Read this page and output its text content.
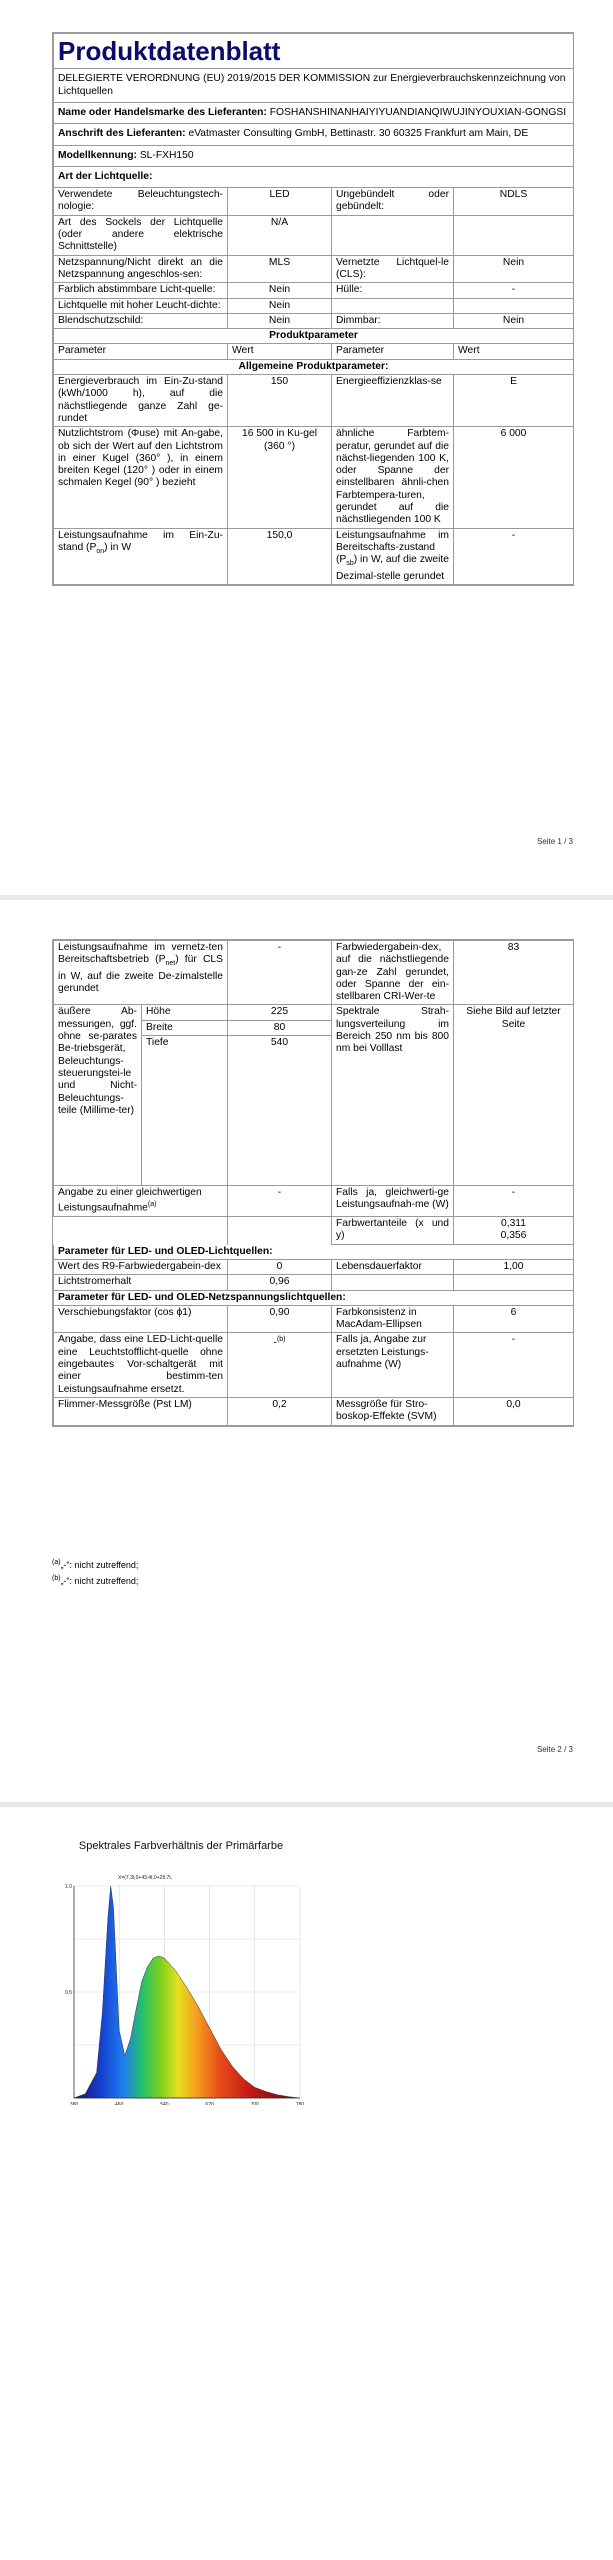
Produktdatenblatt			
DELEGIERTE VERORDNUNG (EU) 2019/2015 DER KOMMISSION zur Energieverbrauchskennzeichnung von Lichtquellen			
Name oder Handelsmarke des Lieferanten: FOSHANSHINANHAIYIYUANDIANQIWUJINYOUXIAN-GONGSI			
Anschrift des Lieferanten: eVatmaster Consulting GmbH, Bettinastr. 30 60325 Frankfurt am Main, DE			
Modellkennung: SL-FXH150			
Art der Lichtquelle:			
Verwendete Beleuchtungstech-nologie:	LED	Ungebündelt oder gebündelt:	NDLS
Art des Sockels der Lichtquelle (oder andere elektrische Schnittstelle)	N/A		
Netzspannung/Nicht direkt an die Netzspannung angeschlos-sen:	MLS	Vernetzte Lichtquel-le (CLS):	Nein
Farblich abstimmbare Licht-quelle:	Nein	Hülle:	-
Lichtquelle mit hoher Leucht-dichte:	Nein		
Blendschutzschild:	Nein	Dimmbar:	Nein
Produktparameter			
Parameter	Wert	Parameter	Wert
Allgemeine Produktparameter:			
Energieverbrauch im Ein-Zu-stand (kWh/1000 h), auf die nächstliegende ganze Zahl ge-rundet	150	Energieeffizienzklas-se	E
Nutzlichtstrom (Φuse) mit An-gabe, ob sich der Wert auf den Lichtstrom in einer Kugel (360° ), in einem breiten Kegel (120° ) oder in einem schmalen Kegel (90° ) bezieht	16 500 in Ku-gel (360 °)	ähnliche Farbtem-peratur, gerundet auf die nächst-liegenden 100 K, oder Spanne der einstellbaren ähnli-chen Farbtempera-turen, gerundet auf die nächstliegenden 100 K	6 000
Leistungsaufnahme im Ein-Zu-stand $(P_{on})$ in W	150,0	Leistungsaufnahme im Bereitschafts-zustand $(P_{sb})$ in W, auf die zweite Dezimal-stelle gerundet	-
Seite 1 / 3
Leistungsaufnahme im vernetz-ten Bereitschaftsbetrieb $(P_{net})$ für CLS in W, auf die zweite De-zimalstelle gerundet		-	Farbwiedergabein-dex, auf die nächstliegende gan-ze Zahl gerundet, oder Spanne der ein-stellbaren CRI-Wer-te	83
äußere Ab-messungen, ggf. ohne se-parates Be-triebsgerät, Beleuchtungs-steuerungstei-le und Nicht-Beleuchtungs-teile (Millime-ter)	Höhe	225	Spektrale Strah-lungsverteilung im Bereich 250 nm bis 800 nm bei Volllast	Siehe Bild auf letzter Seite
	Breite	80		
	Tiefe	540		
Angabe zu einer gleichwertigen Leistungsaufnahme$^{(a)}$		-	Falls ja, gleichwerti-ge Leistungsaufnah-me (W)	-
			Farbwertanteile (x und y)	0,311
0,356

Parameter für LED- und OLED-Lichtquellen:				
Wert des R9-Farbwiedergabein-dex		0	Lebensdauerfaktor	1,00
Lichtstromerhalt		0,96		
Parameter für LED- und OLED-Netzspannungslichtquellen:				
Verschiebungsfaktor (cos ϕ1)		0,90	Farbkonsistenz in MacAdam-Ellipsen	6
Angabe, dass eine LED-Licht-quelle eine Leuchtstofflicht-quelle ohne eingebautes Vor-schaltgerät mit einer bestimm-ten Leistungsaufnahme ersetzt.		-$^{(b)}$	Falls ja, Angabe zur ersetzten Leistungs-aufnahme (W)	-
Flimmer-Messgröße (Pst LM)		0,2	Messgröße für Stro-boskop-Effekte (SVM)	0,0
$^{(a)}$„-“: nicht zutreffend;
$^{(b)}$„-“: nicht zutreffend;
Seite 2 / 3
Spektrales Farbverhältnis der Primärfarbe
X=(7.3t,0+43.4t,0+28.7t,
380	460	540	620	700	780
0.5
1.0
